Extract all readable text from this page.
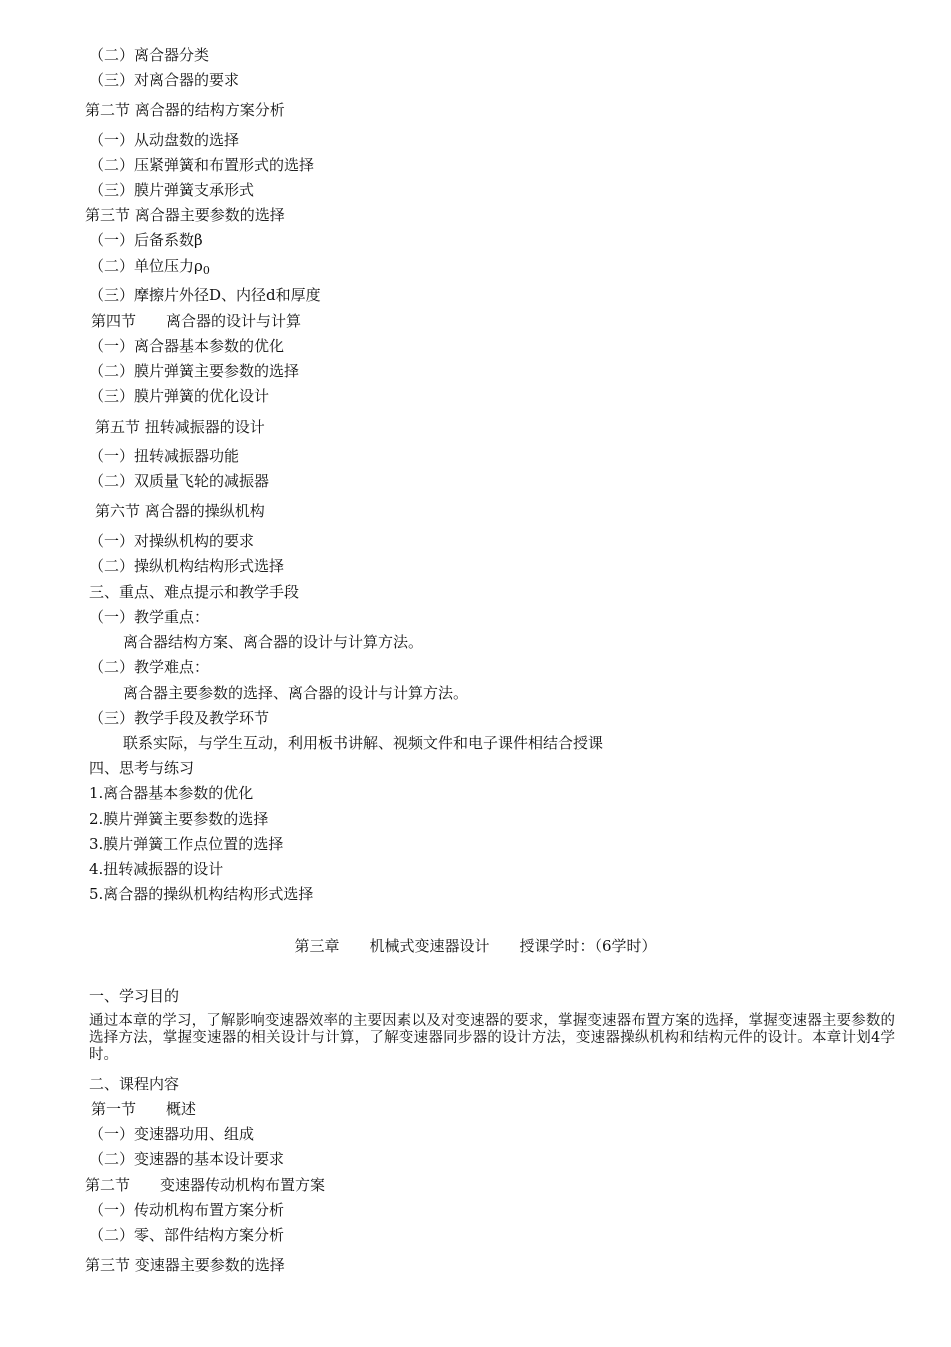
（二）离合器分类
（三）对离合器的要求
第二节 离合器的结构方案分析
（一）从动盘数的选择
（二）压紧弹簧和布置形式的选择
（三）膜片弹簧支承形式
第三节 离合器主要参数的选择
（一）后备系数β
（二）单位压力$\rho_0$
（三）摩擦片外径D、内径d和厚度
第四节　　离合器的设计与计算
（一）离合器基本参数的优化
（二）膜片弹簧主要参数的选择
（三）膜片弹簧的优化设计
第五节 扭转减振器的设计
（一）扭转减振器功能
（二）双质量飞轮的减振器
第六节 离合器的操纵机构
（一）对操纵机构的要求
（二）操纵机构结构形式选择
三、重点、难点提示和教学手段
（一）教学重点：
离合器结构方案、离合器的设计与计算方法。
（二）教学难点：
离合器主要参数的选择、离合器的设计与计算方法。
（三）教学手段及教学环节
联系实际，与学生互动，利用板书讲解、视频文件和电子课件相结合授课
四、思考与练习
1.离合器基本参数的优化
2.膜片弹簧主要参数的选择
3.膜片弹簧工作点位置的选择
4.扭转减振器的设计
5.离合器的操纵机构结构形式选择
第三章　　机械式变速器设计　　授课学时：（6学时）
一、学习目的
通过本章的学习，了解影响变速器效率的主要因素以及对变速器的要求，掌握变速器布置方案的选择，掌握变速器主要参数的选择方法，掌握变速器的相关设计与计算，了解变速器同步器的设计方法，变速器操纵机构和结构元件的设计。本章计划4学时。
二、课程内容
第一节　　概述
（一）变速器功用、组成
（二）变速器的基本设计要求
第二节　　变速器传动机构布置方案
（一）传动机构布置方案分析
（二）零、部件结构方案分析
第三节 变速器主要参数的选择
